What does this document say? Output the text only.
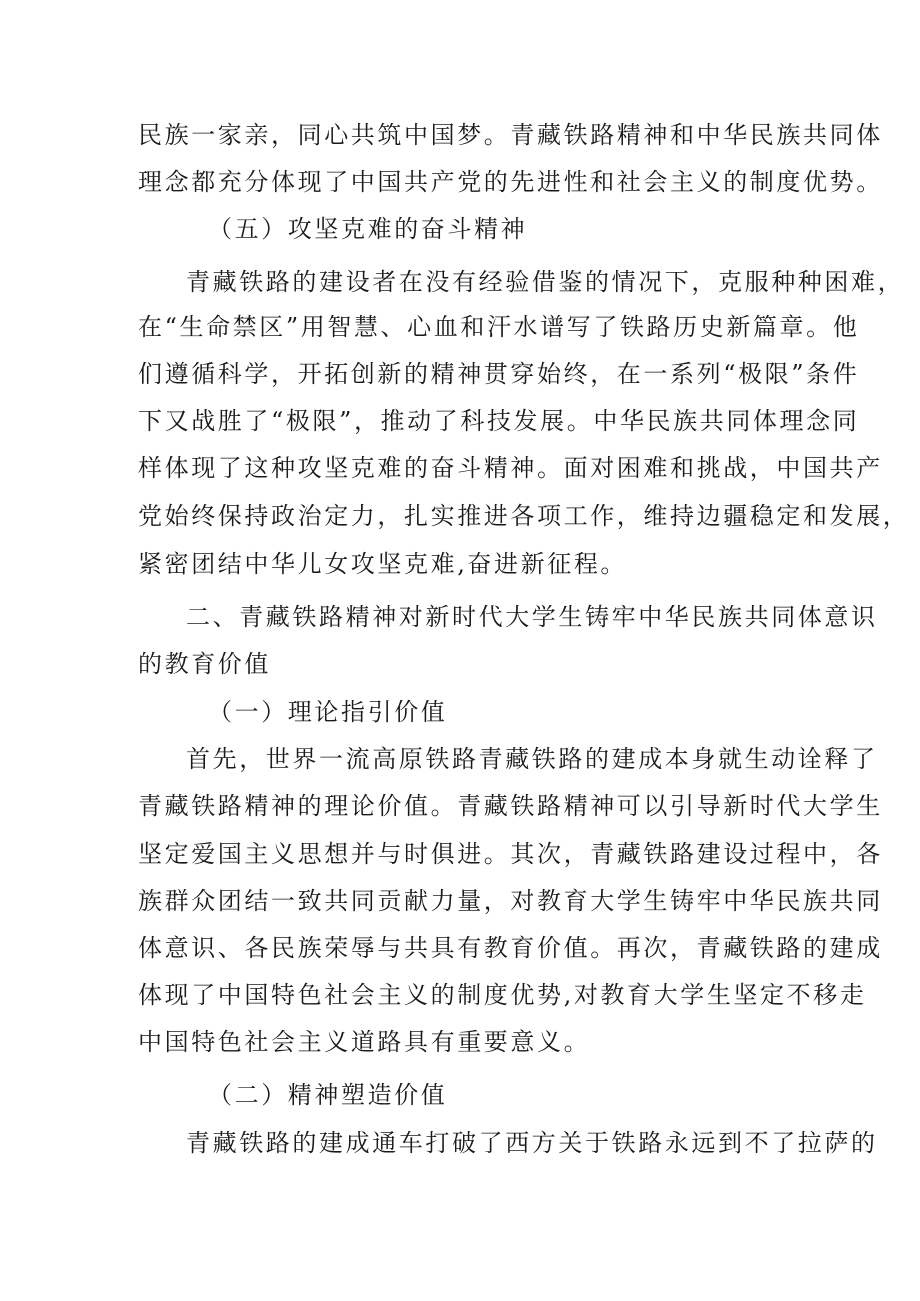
民族一家亲，同心共筑中国梦。青藏铁路精神和中华民族共同体

理念都充分体现了中国共产党的先进性和社会主义的制度优势。

（五）攻坚克难的奋斗精神

青藏铁路的建设者在没有经验借鉴的情况下，克服种种困难，

在“生命禁区”用智慧、心血和汗水谱写了铁路历史新篇章。他

们遵循科学，开拓创新的精神贯穿始终，在一系列“极限”条件

下又战胜了“极限”，推动了科技发展。中华民族共同体理念同

样体现了这种攻坚克难的奋斗精神。面对困难和挑战，中国共产

党始终保持政治定力，扎实推进各项工作，维持边疆稳定和发展，

紧密团结中华儿女攻坚克难,奋进新征程。

二、青藏铁路精神对新时代大学生铸牢中华民族共同体意识

的教育价值

（一）理论指引价值

首先，世界一流高原铁路青藏铁路的建成本身就生动诠释了

青藏铁路精神的理论价值。青藏铁路精神可以引导新时代大学生

坚定爱国主义思想并与时俱进。其次，青藏铁路建设过程中，各

族群众团结一致共同贡献力量，对教育大学生铸牢中华民族共同

体意识、各民族荣辱与共具有教育价值。再次，青藏铁路的建成

体现了中国特色社会主义的制度优势,对教育大学生坚定不移走

中国特色社会主义道路具有重要意义。

（二）精神塑造价值

青藏铁路的建成通车打破了西方关于铁路永远到不了拉萨的
